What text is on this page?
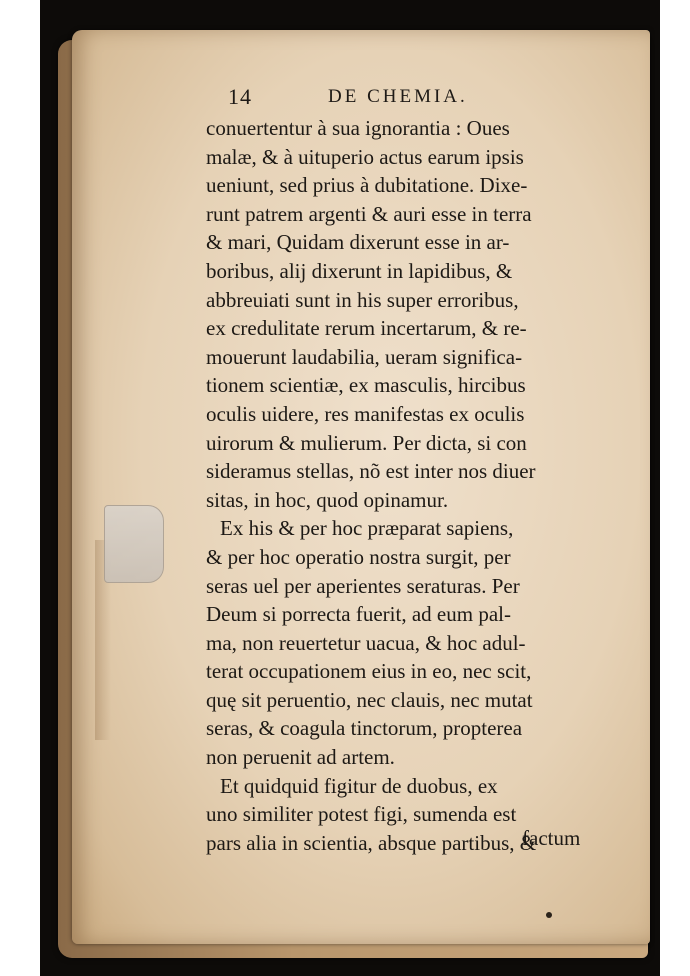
14	DE CHEMIA.
conuertentur à sua ignorantia : Oues
malæ, & à uituperio actus earum ipsis
ueniunt, sed prius à dubitatione. Dixe-
runt patrem argenti & auri esse in terra
& mari, Quidam dixerunt esse in ar-
boribus, alij dixerunt in lapidibus, &
abbreuiati sunt in his super erroribus,
ex credulitate rerum incertarum, & re-
mouerunt laudabilia, ueram significa-
tionem scientiæ, ex masculis, hircibus
oculis uidere, res manifestas ex oculis
uirorum & mulierum. Per dicta, si con
sideramus stellas, nõ est inter nos diuer
sitas, in hoc, quod opinamur.
Ex his & per hoc præparat sapiens,
& per hoc operatio nostra surgit, per
seras uel per aperientes seraturas. Per
Deum si porrecta fuerit, ad eum pal-
ma, non reuertetur uacua, & hoc adul-
terat occupationem eius in eo, nec scit,
quę sit peruentio, nec clauis, nec mutat
seras, & coagula tinctorum, propterea
non peruenit ad artem.
Et quidquid figitur de duobus, ex
uno similiter potest figi, sumenda est
pars alia in scientia, absque partibus, &
factum
